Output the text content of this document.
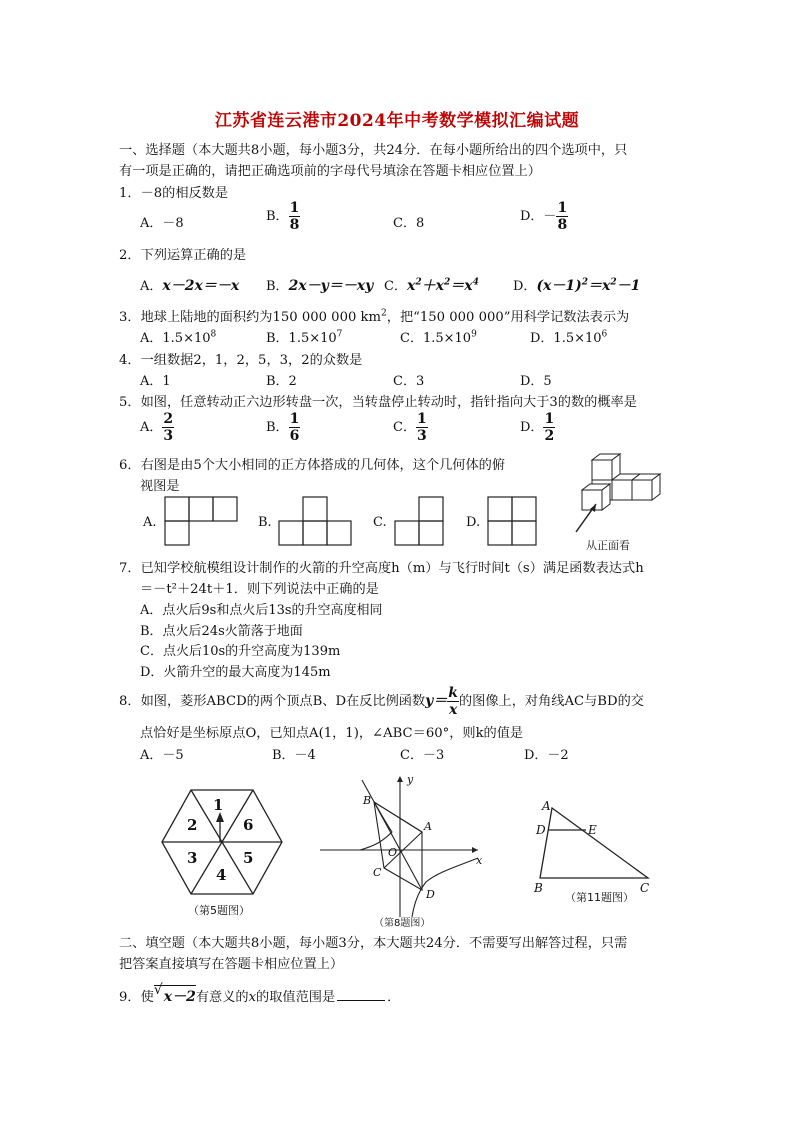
江苏省连云港市2024年中考数学模拟汇编试题
一、选择题（本大题共8小题，每小题3分，共24分．在每小题所给出的四个选项中，只
有一项是正确的，请把正确选项前的字母代号填涂在答题卡相应位置上）
1．－8的相反数是
A．－8	B． $\frac{1}{8}$	C．8	D．－ $\frac{1}{8}$
2．下列运算正确的是
A．x－2x＝－x B．2x－y＝－xy C．$x^2+x^2=x^4$	D．$(x-1)^2=x^2-1$
3．地球上陆地的面积约为150 000 000 $km^2$，把“150 000 000”用科学记数法表示为
A．$1.5\times 10^8$	B．$1.5\times 10^7$	C．$1.5\times 10^9$	D．$1.5\times 10^6$
4．一组数据2，1，2，5，3，2的众数是
A．1	B．2	C．3	D．5
5．如图，任意转动正六边形转盘一次，当转盘停止转动时，指针指向大于3的数的概率是
A． $\frac{2}{3}$	B． $\frac{1}{6}$	C． $\frac{1}{3}$	D． $\frac{1}{2}$
6．右图是由5个大小相同的正方体搭成的几何体，这个几何体的俯
视图是
A.	B.	C.	D.
从正面看
7．已知学校航模组设计制作的火箭的升空高度h（m）与飞行时间t（s）满足函数表达式h
＝－t²＋24t＋1．则下列说法中正确的是
A．点火后9s和点火后13s的升空高度相同
B．点火后24s火箭落于地面
C．点火后10s的升空高度为139m
D．火箭升空的最大高度为145m
8．如图，菱形ABCD的两个顶点B、D在反比例函数$y= \frac{k}{x}$ 的图像上，对角线AC与BD的交
点恰好是坐标原点O，已知点A(1，1)，∠ABC＝60°，则k的值是
A．－5	B．－4	C．－3	D．－2
1
6
5
4
3
2
（第5题图）
y
x
A
B
C
D
O
（第8题图）
A
D	E
B	C
（第11题图）
二、填空题（本大题共8小题，每小题3分，本大题共24分．不需要写出解答过程，只需
把答案直接填写在答题卡相应位置上）
9．使 √ x－2有意义的x的取值范围是	．
